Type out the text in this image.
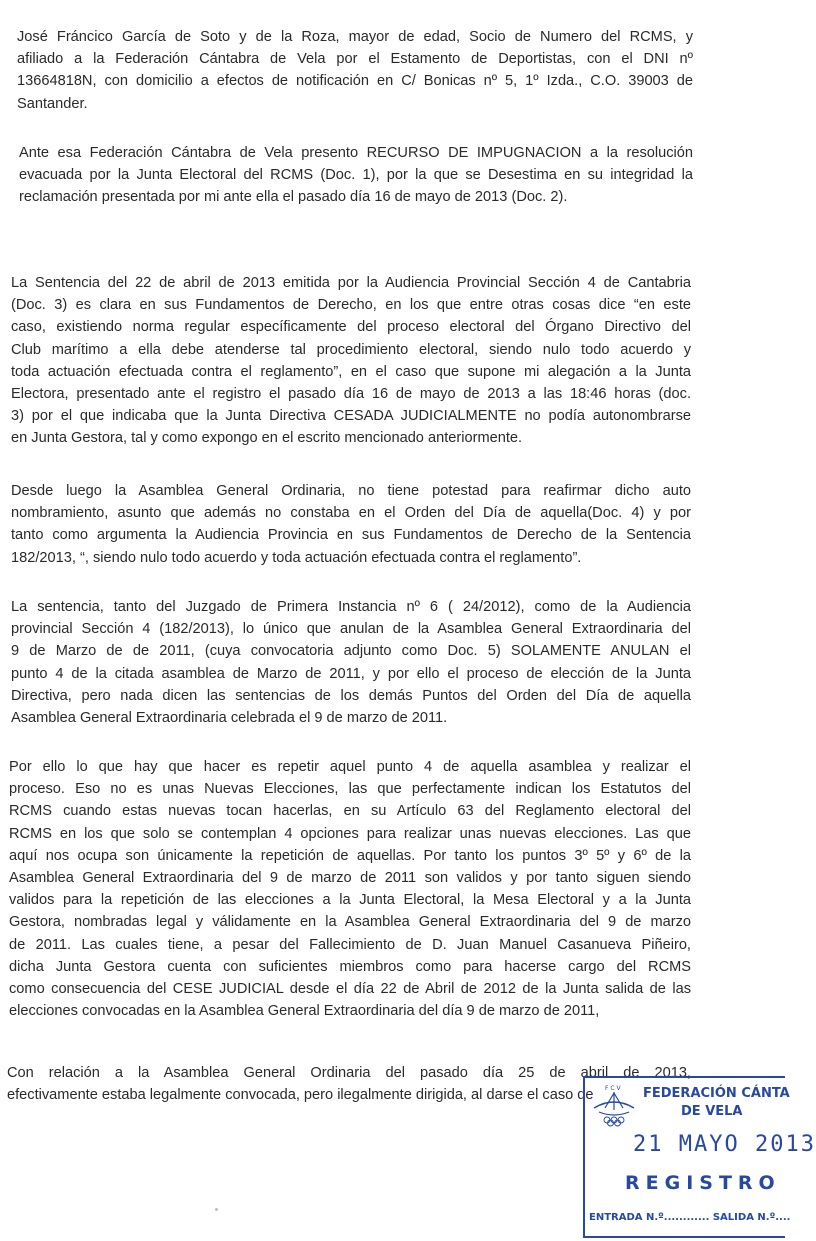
José Fráncico García de Soto y de la Roza, mayor de edad, Socio de Numero del RCMS, y
afiliado a la Federación Cántabra de Vela por el Estamento de Deportistas, con el DNI nº
13664818N, con domicilio a efectos de notificación en C/ Bonicas nº 5, 1º Izda., C.O. 39003 de
Santander.

Ante esa Federación Cántabra de Vela presento RECURSO DE IMPUGNACION a la resolución
evacuada por la Junta Electoral del RCMS (Doc. 1), por la que se Desestima en su integridad la
reclamación presentada por mi ante ella el pasado día 16 de mayo de 2013 (Doc. 2).

La Sentencia del 22 de abril de 2013 emitida por la Audiencia Provincial Sección 4 de Cantabria
(Doc. 3) es clara en sus Fundamentos de Derecho, en los que entre otras cosas dice “en este
caso, existiendo norma regular específicamente del proceso electoral del Órgano Directivo del
Club marítimo a ella debe atenderse tal procedimiento electoral, siendo nulo todo acuerdo y
toda actuación efectuada contra el reglamento”, en el caso que supone mi alegación a la Junta
Electora, presentado ante el registro el pasado día 16 de mayo de 2013 a las 18:46 horas (doc.
3) por el que indicaba que la Junta Directiva CESADA JUDICIALMENTE no podía autonombrarse
en Junta Gestora, tal y como expongo en el escrito mencionado anteriormente.

Desde luego la Asamblea General Ordinaria, no tiene potestad para reafirmar dicho auto
nombramiento, asunto que además no constaba en el Orden del Día de aquella(Doc. 4) y por
tanto como argumenta la Audiencia Provincia en sus Fundamentos de Derecho de la Sentencia
182/2013, “, siendo nulo todo acuerdo y toda actuación efectuada contra el reglamento”.

La sentencia, tanto del Juzgado de Primera Instancia nº 6 ( 24/2012), como de la Audiencia
provincial Sección 4 (182/2013), lo único que anulan de la Asamblea General Extraordinaria del
9 de Marzo de de 2011, (cuya convocatoria adjunto como Doc. 5) SOLAMENTE ANULAN el
punto 4 de la citada asamblea de Marzo de 2011, y por ello el proceso de elección de la Junta
Directiva, pero nada dicen las sentencias de los demás Puntos del Orden del Día de aquella
Asamblea General Extraordinaria celebrada el 9 de marzo de 2011.

Por ello lo que hay que hacer es repetir aquel punto 4 de aquella asamblea y realizar el
proceso. Eso no es unas Nuevas Elecciones, las que perfectamente indican los Estatutos del
RCMS cuando estas nuevas tocan hacerlas, en su Artículo 63 del Reglamento electoral del
RCMS en los que solo se contemplan 4 opciones para realizar unas nuevas elecciones. Las que
aquí nos ocupa son únicamente la repetición de aquellas. Por tanto los puntos 3º 5º y 6º de la
Asamblea General Extraordinaria del 9 de marzo de 2011 son validos y por tanto siguen siendo
validos para la repetición de las elecciones a la Junta Electoral, la Mesa Electoral y a la Junta
Gestora, nombradas legal y válidamente en la Asamblea General Extraordinaria del 9 de marzo
de 2011. Las cuales tiene, a pesar del Fallecimiento de D. Juan Manuel Casanueva Piñeiro,
dicha Junta Gestora cuenta con suficientes miembros como para hacerse cargo del RCMS
como consecuencia del CESE JUDICIAL desde el día 22 de Abril de 2012 de la Junta salida de las
elecciones convocadas en la Asamblea General Extraordinaria del día 9 de marzo de 2011,

Con relación a la Asamblea General Ordinaria del pasado día 25 de abril de 2013,
efectivamente estaba legalmente convocada, pero ilegalmente dirigida, al darse el caso de	F C V FEDERACIÓN CÁNTA
DE VELA
21 MAYO 2013
REGISTRO
ENTRADA N.º............ SALIDA N.º....
